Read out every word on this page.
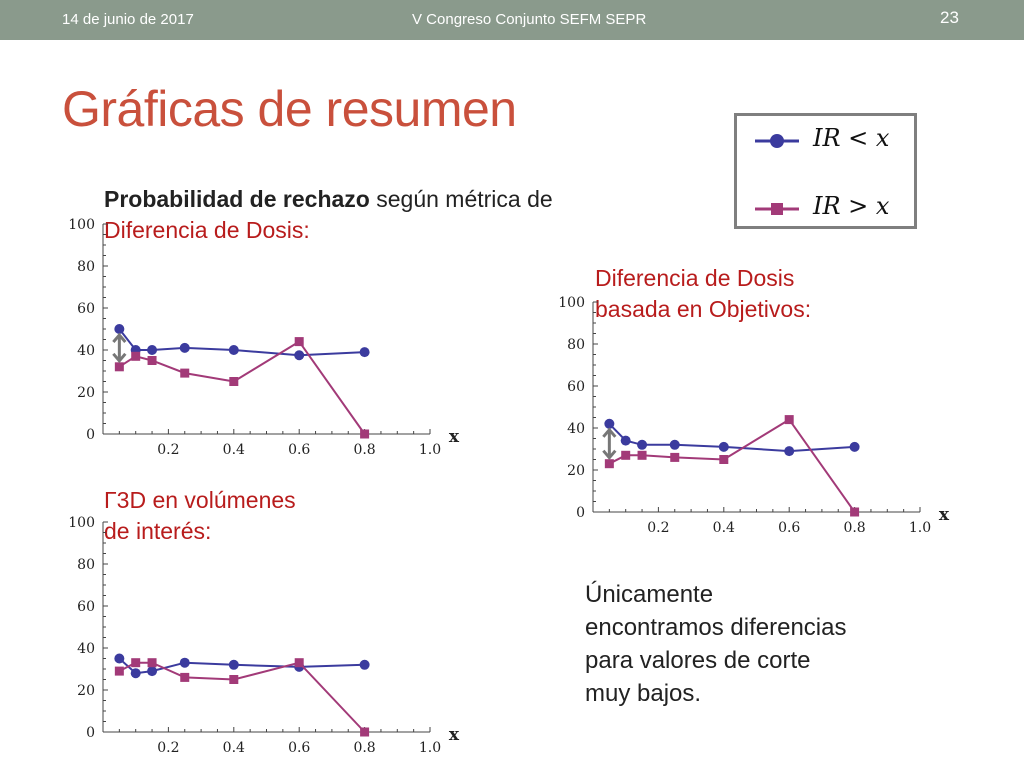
14 de junio de 2017	V Congreso Conjunto SEFM SEPR	23
Gráficas de resumen
IR < x
IR > x
Probabilidad de rechazo según métrica de
Diferencia de Dosis:
Diferencia de Dosis
basada en Objetivos:
Γ3D en volúmenes
de interés:
Únicamente
encontramos diferencias
para valores de corte
muy bajos.
0
20
40
60
80
100
0.2	0.4	0.6	0.8	1.0
x
0
20
40
60
80
100
0.2	0.4	0.6	0.8	1.0
x
0
20
40
60
80
100
0.2	0.4	0.6	0.8	1.0
x
